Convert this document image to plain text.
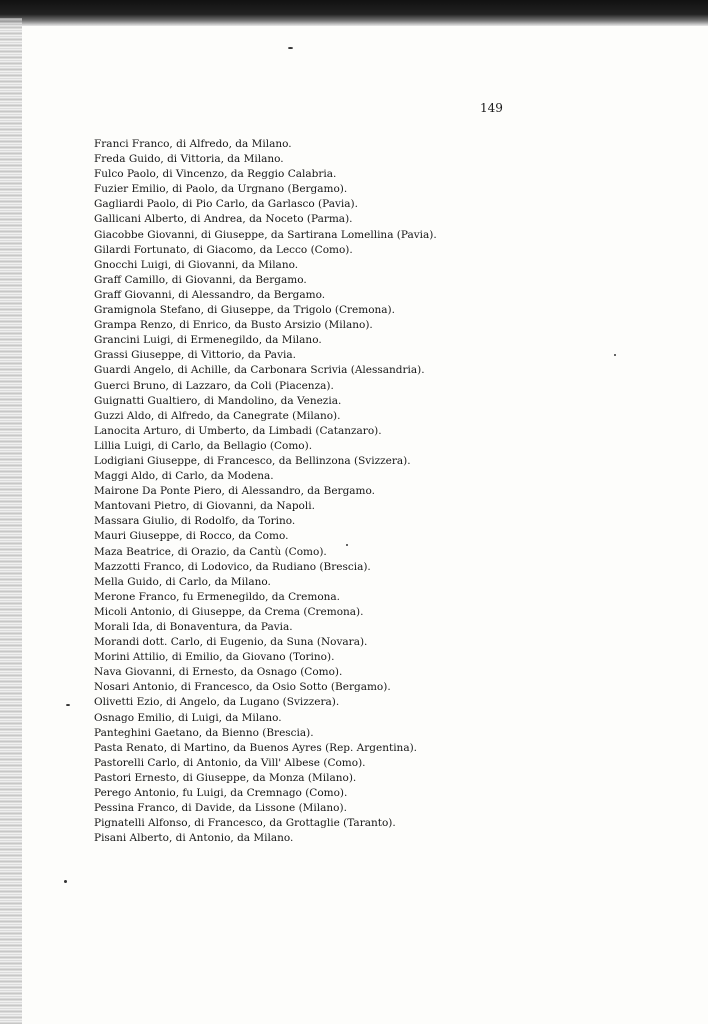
149
Franci Franco, di Alfredo, da Milano.
Freda Guido, di Vittoria, da Milano.
Fulco Paolo, di Vincenzo, da Reggio Calabria.
Fuzier Emilio, di Paolo, da Urgnano (Bergamo).
Gagliardi Paolo, di Pio Carlo, da Garlasco (Pavia).
Gallicani Alberto, di Andrea, da Noceto (Parma).
Giacobbe Giovanni, di Giuseppe, da Sartirana Lomellina (Pavia).
Gilardi Fortunato, di Giacomo, da Lecco (Como).
Gnocchi Luigi, di Giovanni, da Milano.
Graff Camillo, di Giovanni, da Bergamo.
Graff Giovanni, di Alessandro, da Bergamo.
Gramignola Stefano, di Giuseppe, da Trigolo (Cremona).
Grampa Renzo, di Enrico, da Busto Arsizio (Milano).
Grancini Luigi, di Ermenegildo, da Milano.
Grassi Giuseppe, di Vittorio, da Pavia.
Guardi Angelo, di Achille, da Carbonara Scrivia (Alessandria).
Guerci Bruno, di Lazzaro, da Coli (Piacenza).
Guignatti Gualtiero, di Mandolino, da Venezia.
Guzzi Aldo, di Alfredo, da Canegrate (Milano).
Lanocita Arturo, di Umberto, da Limbadi (Catanzaro).
Lillia Luigi, di Carlo, da Bellagio (Como).
Lodigiani Giuseppe, di Francesco, da Bellinzona (Svizzera).
Maggi Aldo, di Carlo, da Modena.
Mairone Da Ponte Piero, di Alessandro, da Bergamo.
Mantovani Pietro, di Giovanni, da Napoli.
Massara Giulio, di Rodolfo, da Torino.
Mauri Giuseppe, di Rocco, da Como.
Maza Beatrice, di Orazio, da Cantù (Como).
Mazzotti Franco, di Lodovico, da Rudiano (Brescia).
Mella Guido, di Carlo, da Milano.
Merone Franco, fu Ermenegildo, da Cremona.
Micoli Antonio, di Giuseppe, da Crema (Cremona).
Morali Ida, di Bonaventura, da Pavia.
Morandi dott. Carlo, di Eugenio, da Suna (Novara).
Morini Attilio, di Emilio, da Giovano (Torino).
Nava Giovanni, di Ernesto, da Osnago (Como).
Nosari Antonio, di Francesco, da Osio Sotto (Bergamo).
Olivetti Ezio, di Angelo, da Lugano (Svizzera).
Osnago Emilio, di Luigi, da Milano.
Panteghini Gaetano, da Bienno (Brescia).
Pasta Renato, di Martino, da Buenos Ayres (Rep. Argentina).
Pastorelli Carlo, di Antonio, da Vill' Albese (Como).
Pastori Ernesto, di Giuseppe, da Monza (Milano).
Perego Antonio, fu Luigi, da Cremnago (Como).
Pessina Franco, di Davide, da Lissone (Milano).
Pignatelli Alfonso, di Francesco, da Grottaglie (Taranto).
Pisani Alberto, di Antonio, da Milano.
